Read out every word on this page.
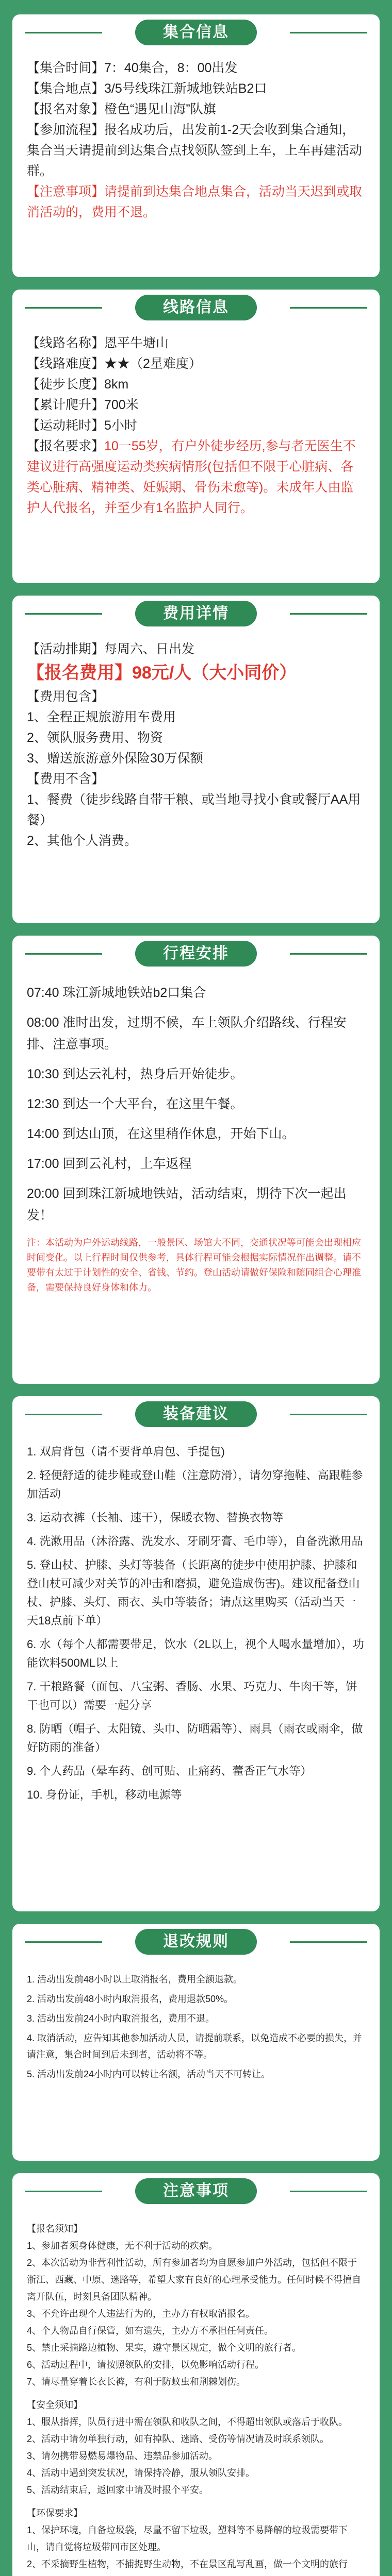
集合信息

【集合时间】7：40集合，8：00出发

【集合地点】3/5号线珠江新城地铁站B2口

【报名对象】橙色“遇见山海”队旗

【参加流程】报名成功后，出发前1-2天会收到集合通知，集合当天请提前到达集合点找领队签到上车，上车再建活动群。

【注意事项】请提前到达集合地点集合，活动当天迟到或取消活动的，费用不退。

线路信息

【线路名称】恩平牛塘山

【线路难度】★★（2星难度）

【徒步长度】8km

【累计爬升】700米

【运动耗时】5小时

【报名要求】10一55岁，有户外徒步经历,参与者无医生不建议进行高强度运动类疾病情形(包括但不限于心脏病、各类心脏病、精神类、妊娠期、骨伤未愈等)。未成年人由监护人代报名，并至少有1名监护人同行。

费用详情

【活动排期】每周六、日出发

【报名费用】98元/人（大小同价）

【费用包含】

1、全程正规旅游用车费用

2、领队服务费用、物资

3、赠送旅游意外保险30万保额

【费用不含】

1、餐费（徒步线路自带干粮、或当地寻找小食或餐厅AA用餐）

2、其他个人消费。

行程安排

07:40 珠江新城地铁站b2口集合

08:00 准时出发，过期不候，车上领队介绍路线、行程安排、注意事项。

10:30 到达云礼村，热身后开始徒步。

12:30 到达一个大平台，在这里午餐。

14:00 到达山顶，在这里稍作休息，开始下山。

17:00 回到云礼村，上车返程

20:00 回到珠江新城地铁站，活动结束，期待下次一起出发！

注：本活动为户外运动线路，一般景区、场馆大不同，交通状况等可能会出现相应时间变化。以上行程时间仅供参考，具体行程可能会根据实际情况作出调整。请不要带有太过于计划性的安全、省钱、节约。登山活动请做好保险和随同组合心理准备，需要保持良好身体和体力。

装备建议

1. 双肩背包（请不要背单肩包、手提包)

2. 轻便舒适的徒步鞋或登山鞋（注意防滑），请勿穿拖鞋、高跟鞋参加活动

3. 运动衣裤（长袖、速干），保暖衣物、替换衣物等

4. 洗漱用品（沐浴露、洗发水、牙刷牙膏、毛巾等），自备洗漱用品

5. 登山杖、护膝、头灯等装备（长距离的徒步中使用护膝、护膝和登山杖可减少对关节的冲击和磨损，避免造成伤害)。建议配备登山杖、护膝、头灯、雨衣、头巾等装备；请点这里购买（活动当天一天18点前下单）

6. 水（每个人都需要带足，饮水（2L以上，视个人喝水量增加），功能饮料500ML以上

7. 干粮路餐（面包、八宝粥、香肠、水果、巧克力、牛肉干等，饼干也可以）需要一起分享

8. 防晒（帽子、太阳镜、头巾、防晒霜等）、雨具（雨衣或雨伞，做好防雨的准备）

9. 个人药品（晕车药、创可贴、止痛药、藿香正气水等）

10. 身份证，手机，移动电源等

退改规则

1. 活动出发前48小时以上取消报名，费用全额退款。

2. 活动出发前48小时内取消报名，费用退款50%。

3. 活动出发前24小时内取消报名，费用不退。

4. 取消活动，应告知其他参加活动人员，请提前联系，以免造成不必要的损失，并请注意，集合时间到后未到者，活动将不等。

5. 活动出发前24小时内可以转让名额，活动当天不可转让。

注意事项

【报名须知】

1、参加者须身体健康，无不利于活动的疾病。

2、本次活动为非营利性活动，所有参加者均为自愿参加户外活动，包括但不限于浙江、西藏、中原、迷路等，希望大家有良好的心理承受能力。任何时候不得擅自离开队伍，时刻具备团队精神。

3、不允许出现个人违法行为的，主办方有权取消报名。

4、个人物品自行保管，如有遗失，主办方不承担任何责任。

5、禁止采摘路边植物、果实，遵守景区规定，做个文明的旅行者。

6、活动过程中，请按照领队的安排，以免影响活动行程。

7、请尽量穿着长衣长裤，有利于防蚊虫和荆棘划伤。

【安全须知】

1、服从指挥，队员行进中需在领队和收队之间，不得超出领队或落后于收队。

2、活动中请勿单独行动，如有掉队、迷路、受伤等情况请及时联系领队。

3、请勿携带易燃易爆物品、违禁品参加活动。

4、活动中遇到突发状况，请保持冷静，服从领队安排。

5、活动结束后，返回家中请及时报个平安。

【环保要求】

1、保护环境，自备垃圾袋，尽量不留下垃圾，塑料等不易降解的垃圾需要带下山，请自觉将垃圾带回市区处理。

2、不采摘野生植物，不捕捉野生动物，不在景区乱写乱画，做一个文明的旅行
